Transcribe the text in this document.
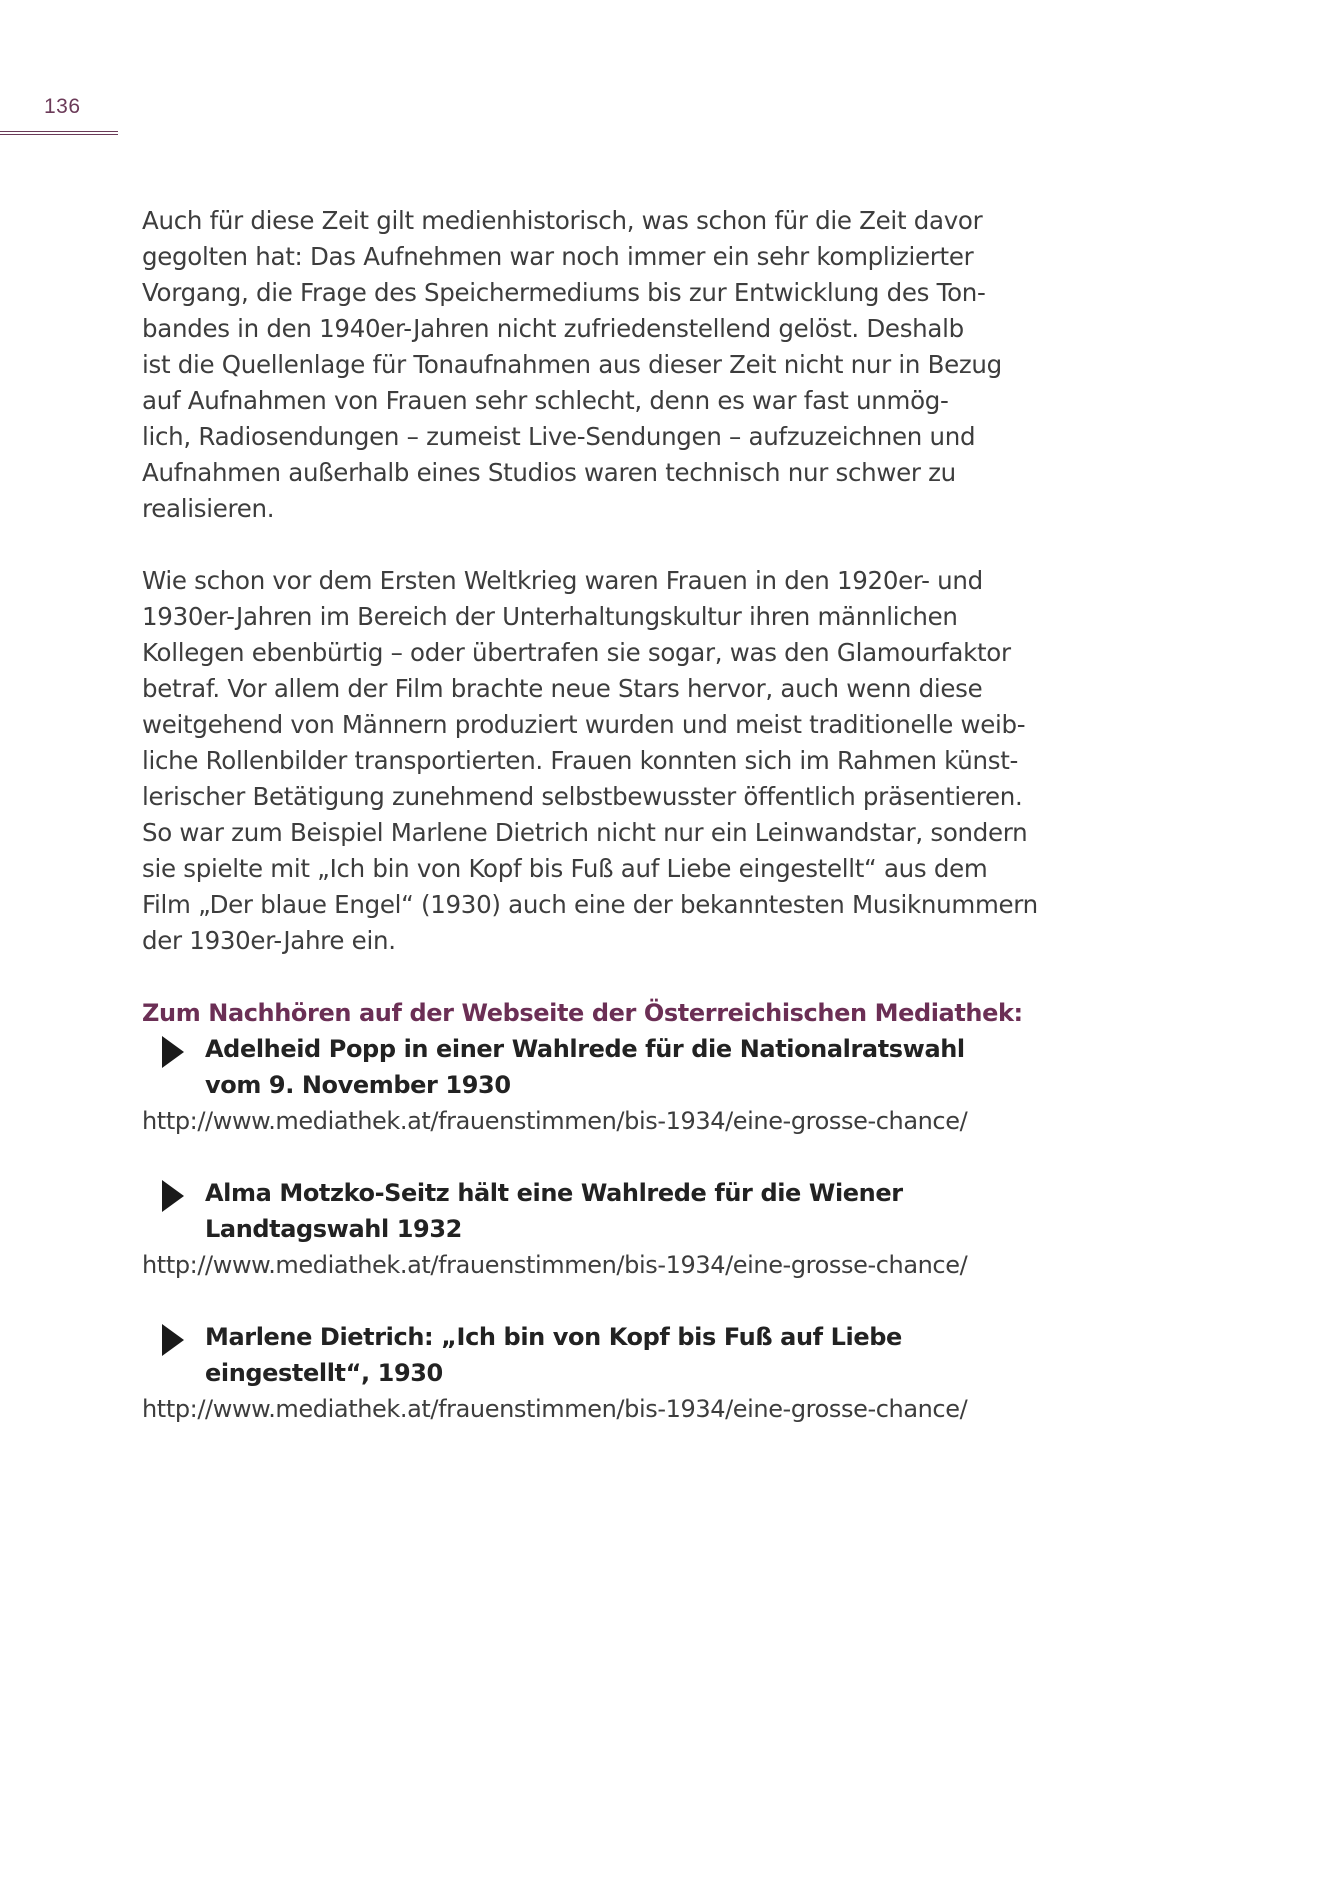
136

Auch für diese Zeit gilt medienhistorisch, was schon für die Zeit davor
gegolten hat: Das Aufnehmen war noch immer ein sehr komplizierter
Vorgang, die Frage des Speichermediums bis zur Entwicklung des Ton-
bandes in den 1940er-Jahren nicht zufriedenstellend gelöst. Deshalb
ist die Quellenlage für Tonaufnahmen aus dieser Zeit nicht nur in Bezug
auf Aufnahmen von Frauen sehr schlecht, denn es war fast unmög-
lich, Radiosendungen – zumeist Live-Sendungen – aufzuzeichnen und
Aufnahmen außerhalb eines Studios waren technisch nur schwer zu
realisieren.

Wie schon vor dem Ersten Weltkrieg waren Frauen in den 1920er- und
1930er-Jahren im Bereich der Unterhaltungskultur ihren männlichen
Kollegen ebenbürtig – oder übertrafen sie sogar, was den Glamourfaktor
betraf. Vor allem der Film brachte neue Stars hervor, auch wenn diese
weitgehend von Männern produziert wurden und meist traditionelle weib-
liche Rollenbilder transportierten. Frauen konnten sich im Rahmen künst-
lerischer Betätigung zunehmend selbstbewusster öffentlich präsentieren.
So war zum Beispiel Marlene Dietrich nicht nur ein Leinwandstar, sondern
sie spielte mit „Ich bin von Kopf bis Fuß auf Liebe eingestellt“ aus dem
Film „Der blaue Engel“ (1930) auch eine der bekanntesten Musiknummern
der 1930er-Jahre ein.

Zum Nachhören auf der Webseite der Österreichischen Mediathek:
Adelheid Popp in einer Wahlrede für die Nationalratswahl
vom 9. November 1930
http://www.mediathek.at/frauenstimmen/bis-1934/eine-grosse-chance/
Alma Motzko-Seitz hält eine Wahlrede für die Wiener
Landtagswahl 1932
http://www.mediathek.at/frauenstimmen/bis-1934/eine-grosse-chance/
Marlene Dietrich: „Ich bin von Kopf bis Fuß auf Liebe
eingestellt“, 1930
http://www.mediathek.at/frauenstimmen/bis-1934/eine-grosse-chance/
